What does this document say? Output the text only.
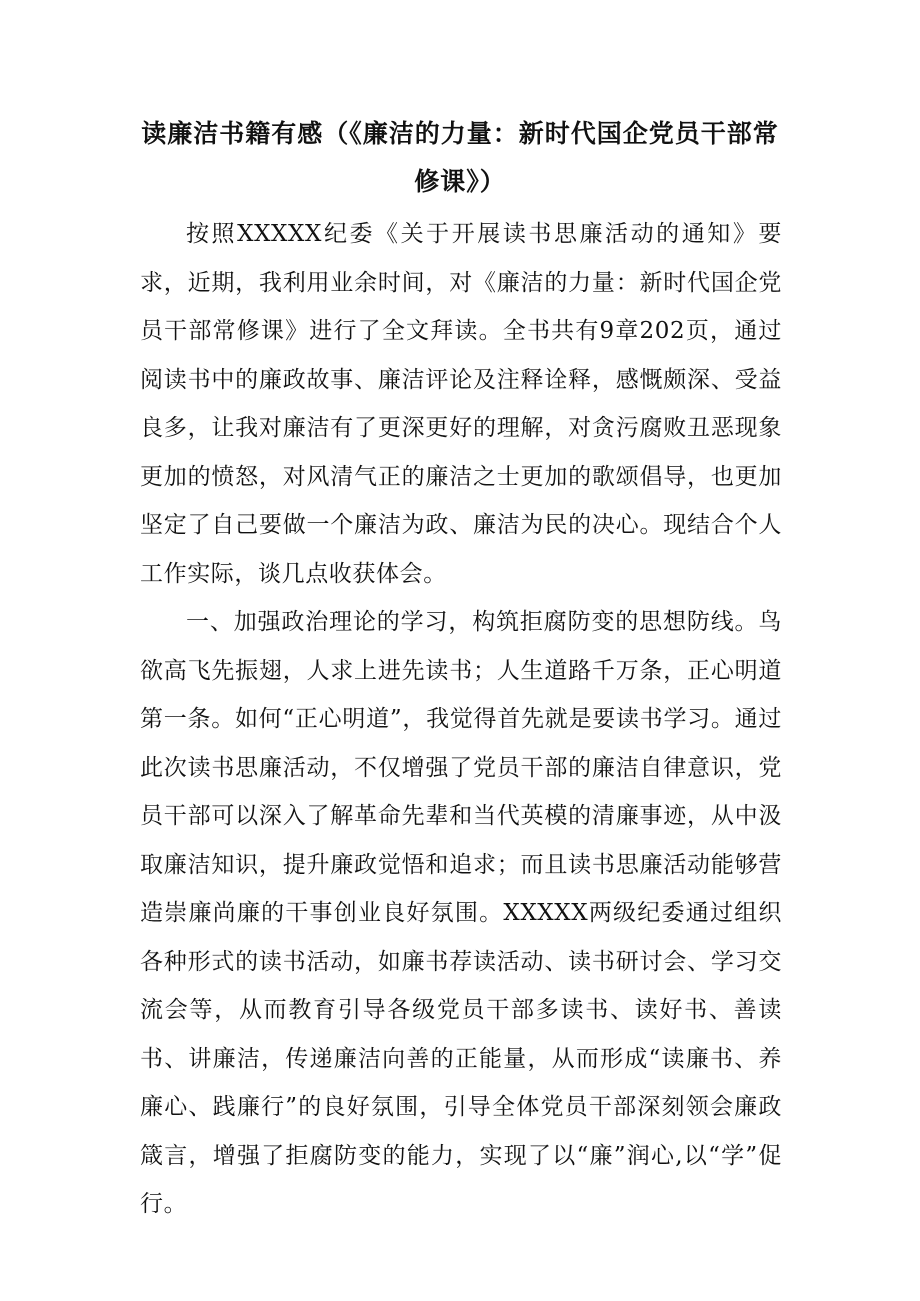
读廉洁书籍有感（《廉洁的力量：新时代国企党员干部常修课》）

按照XXXXX纪委《关于开展读书思廉活动的通知》要求，近期，我利用业余时间，对《廉洁的力量：新时代国企党员干部常修课》进行了全文拜读。全书共有9章202页，通过阅读书中的廉政故事、廉洁评论及注释诠释，感慨颇深、受益良多，让我对廉洁有了更深更好的理解，对贪污腐败丑恶现象更加的愤怒，对风清气正的廉洁之士更加的歌颂倡导，也更加坚定了自己要做一个廉洁为政、廉洁为民的决心。现结合个人工作实际，谈几点收获体会。

一、加强政治理论的学习，构筑拒腐防变的思想防线。鸟欲高飞先振翅，人求上进先读书；人生道路千万条，正心明道第一条。如何“正心明道”，我觉得首先就是要读书学习。通过此次读书思廉活动，不仅增强了党员干部的廉洁自律意识，党员干部可以深入了解革命先辈和当代英模的清廉事迹，从中汲取廉洁知识，提升廉政觉悟和追求；而且读书思廉活动能够营造崇廉尚廉的干事创业良好氛围。XXXXX两级纪委通过组织各种形式的读书活动，如廉书荐读活动、读书研讨会、学习交流会等，从而教育引导各级党员干部多读书、读好书、善读书、讲廉洁，传递廉洁向善的正能量，从而形成“读廉书、养廉心、践廉行”的良好氛围，引导全体党员干部深刻领会廉政箴言，增强了拒腐防变的能力，实现了以“廉”润心,以“学”促行。
